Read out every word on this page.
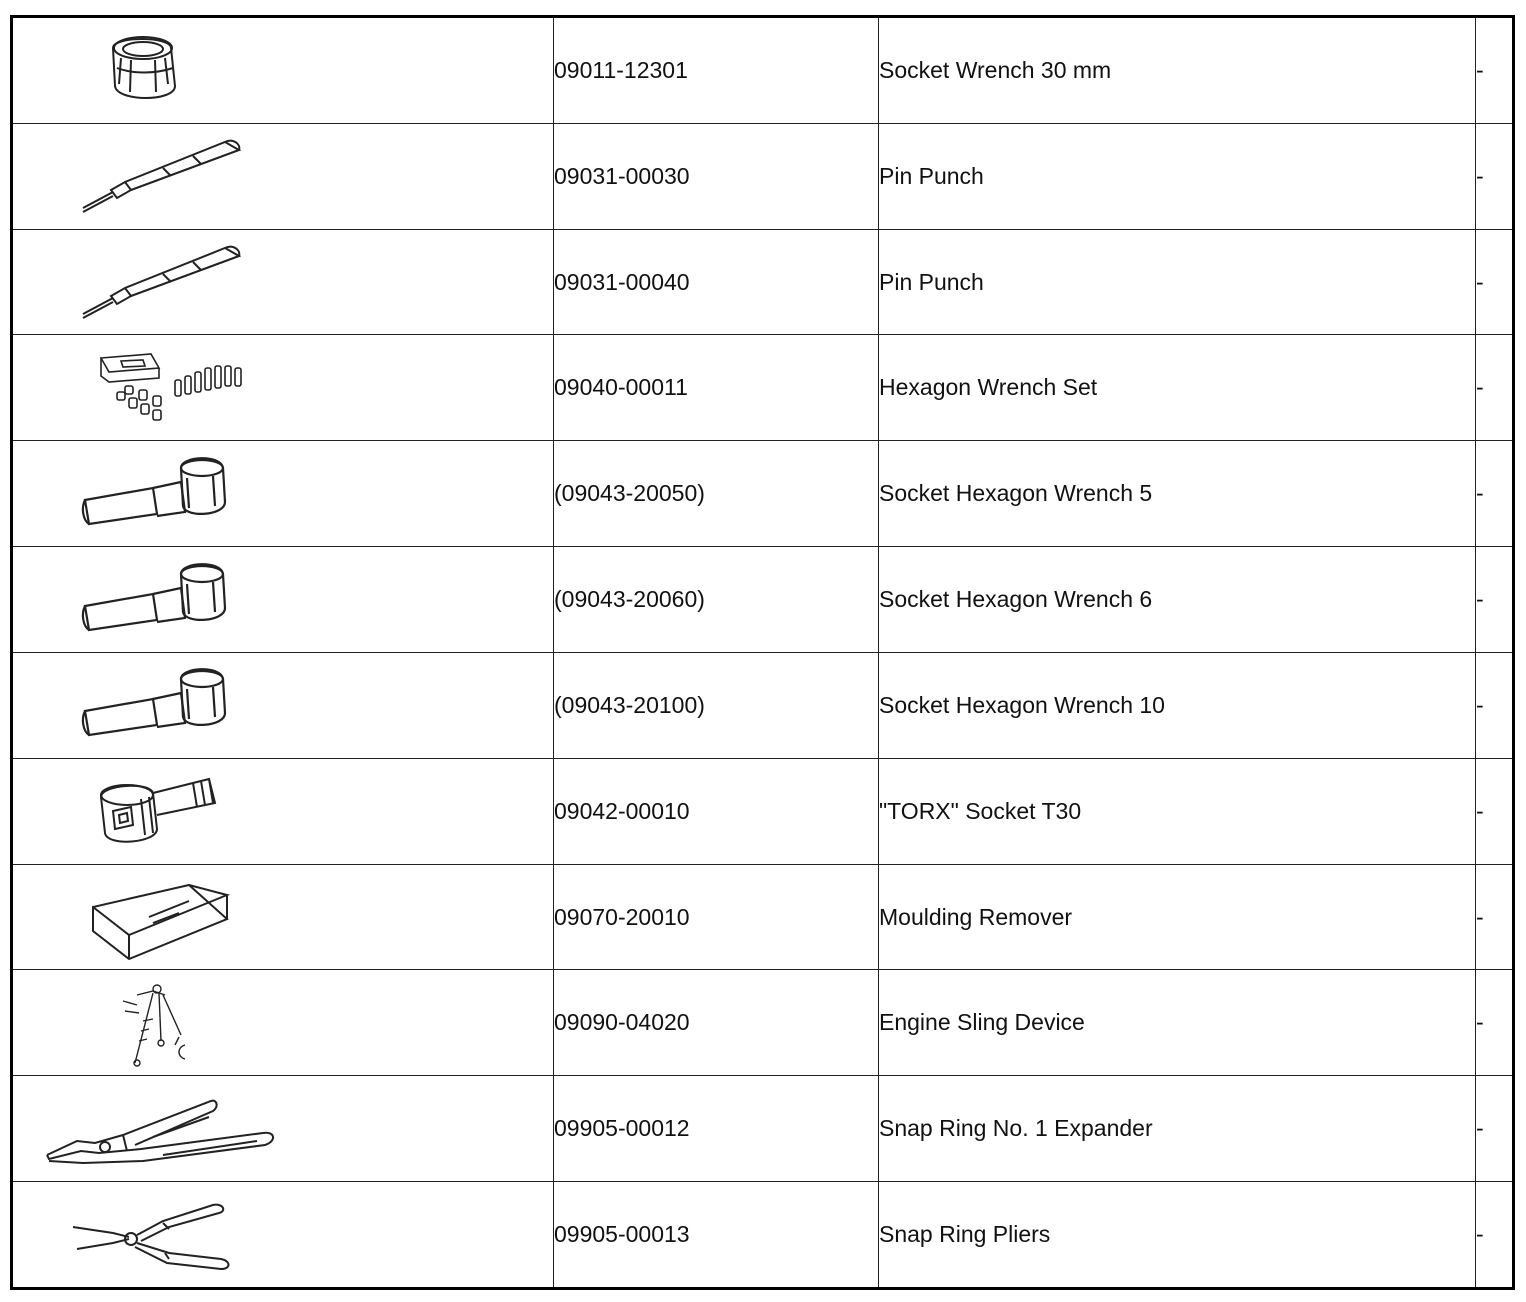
	09011-12301	Socket Wrench 30 mm	-

	09031-00030	Pin Punch	-

	09031-00040	Pin Punch	-

	09040-00011	Hexagon Wrench Set	-

	(09043-20050)	Socket Hexagon Wrench 5	-

	(09043-20060)	Socket Hexagon Wrench 6	-

	(09043-20100)	Socket Hexagon Wrench 10	-

	09042-00010	"TORX" Socket T30	-

	09070-20010	Moulding Remover	-

	09090-04020	Engine Sling Device	-

	09905-00012	Snap Ring No. 1 Expander	-

	09905-00013	Snap Ring Pliers	-
